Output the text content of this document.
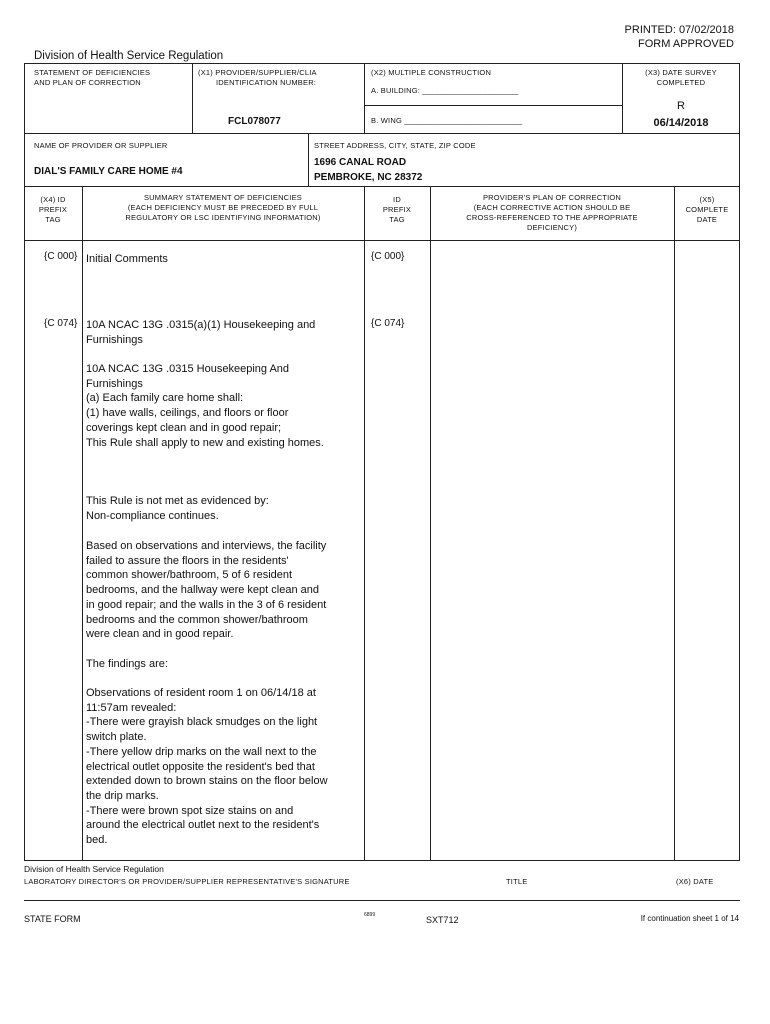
PRINTED: 07/02/2018
FORM APPROVED
Division of Health Service Regulation
STATEMENT OF DEFICIENCIES
AND PLAN OF CORRECTION
(X1) PROVIDER/SUPPLIER/CLIA
IDENTIFICATION NUMBER:
FCL078077
(X2) MULTIPLE CONSTRUCTION
A. BUILDING: ______________________
B. WING ___________________________
(X3) DATE SURVEY
COMPLETED
R
06/14/2018
NAME OF PROVIDER OR SUPPLIER
DIAL'S FAMILY CARE HOME #4
STREET ADDRESS, CITY, STATE, ZIP CODE
1696 CANAL ROAD
PEMBROKE, NC 28372
(X4) ID
PREFIX
TAG
SUMMARY STATEMENT OF DEFICIENCIES
(EACH DEFICIENCY MUST BE PRECEDED BY FULL
REGULATORY OR LSC IDENTIFYING INFORMATION)
ID
PREFIX
TAG
PROVIDER'S PLAN OF CORRECTION
(EACH CORRECTIVE ACTION SHOULD BE
CROSS-REFERENCED TO THE APPROPRIATE
DEFICIENCY)
(X5)
COMPLETE
DATE
{C 000} Initial Comments	{C 000}
{C 074} 10A NCAC 13G .0315(a)(1) Housekeeping and
Furnishings
{C 074}
10A NCAC 13G .0315 Housekeeping And
Furnishings
(a) Each family care home shall:
(1) have walls, ceilings, and floors or floor
coverings kept clean and in good repair;
This Rule shall apply to new and existing homes.
This Rule is not met as evidenced by:
Non-compliance continues.
Based on observations and interviews, the facility
failed to assure the floors in the residents'
common shower/bathroom, 5 of 6 resident
bedrooms, and the hallway were kept clean and
in good repair; and the walls in the 3 of 6 resident
bedrooms and the common shower/bathroom
were clean and in good repair.
The findings are:
Observations of resident room 1 on 06/14/18 at
11:57am revealed:
-There were grayish black smudges on the light
switch plate.
-There yellow drip marks on the wall next to the
electrical outlet opposite the resident's bed that
extended down to brown stains on the floor below
the drip marks.
-There were brown spot size stains on and
around the electrical outlet next to the resident's
bed.
Division of Health Service Regulation
LABORATORY DIRECTOR'S OR PROVIDER/SUPPLIER REPRESENTATIVE'S SIGNATURE	TITLE	(X6) DATE
STATE FORM	6899	SXT712	If continuation sheet 1 of 14
